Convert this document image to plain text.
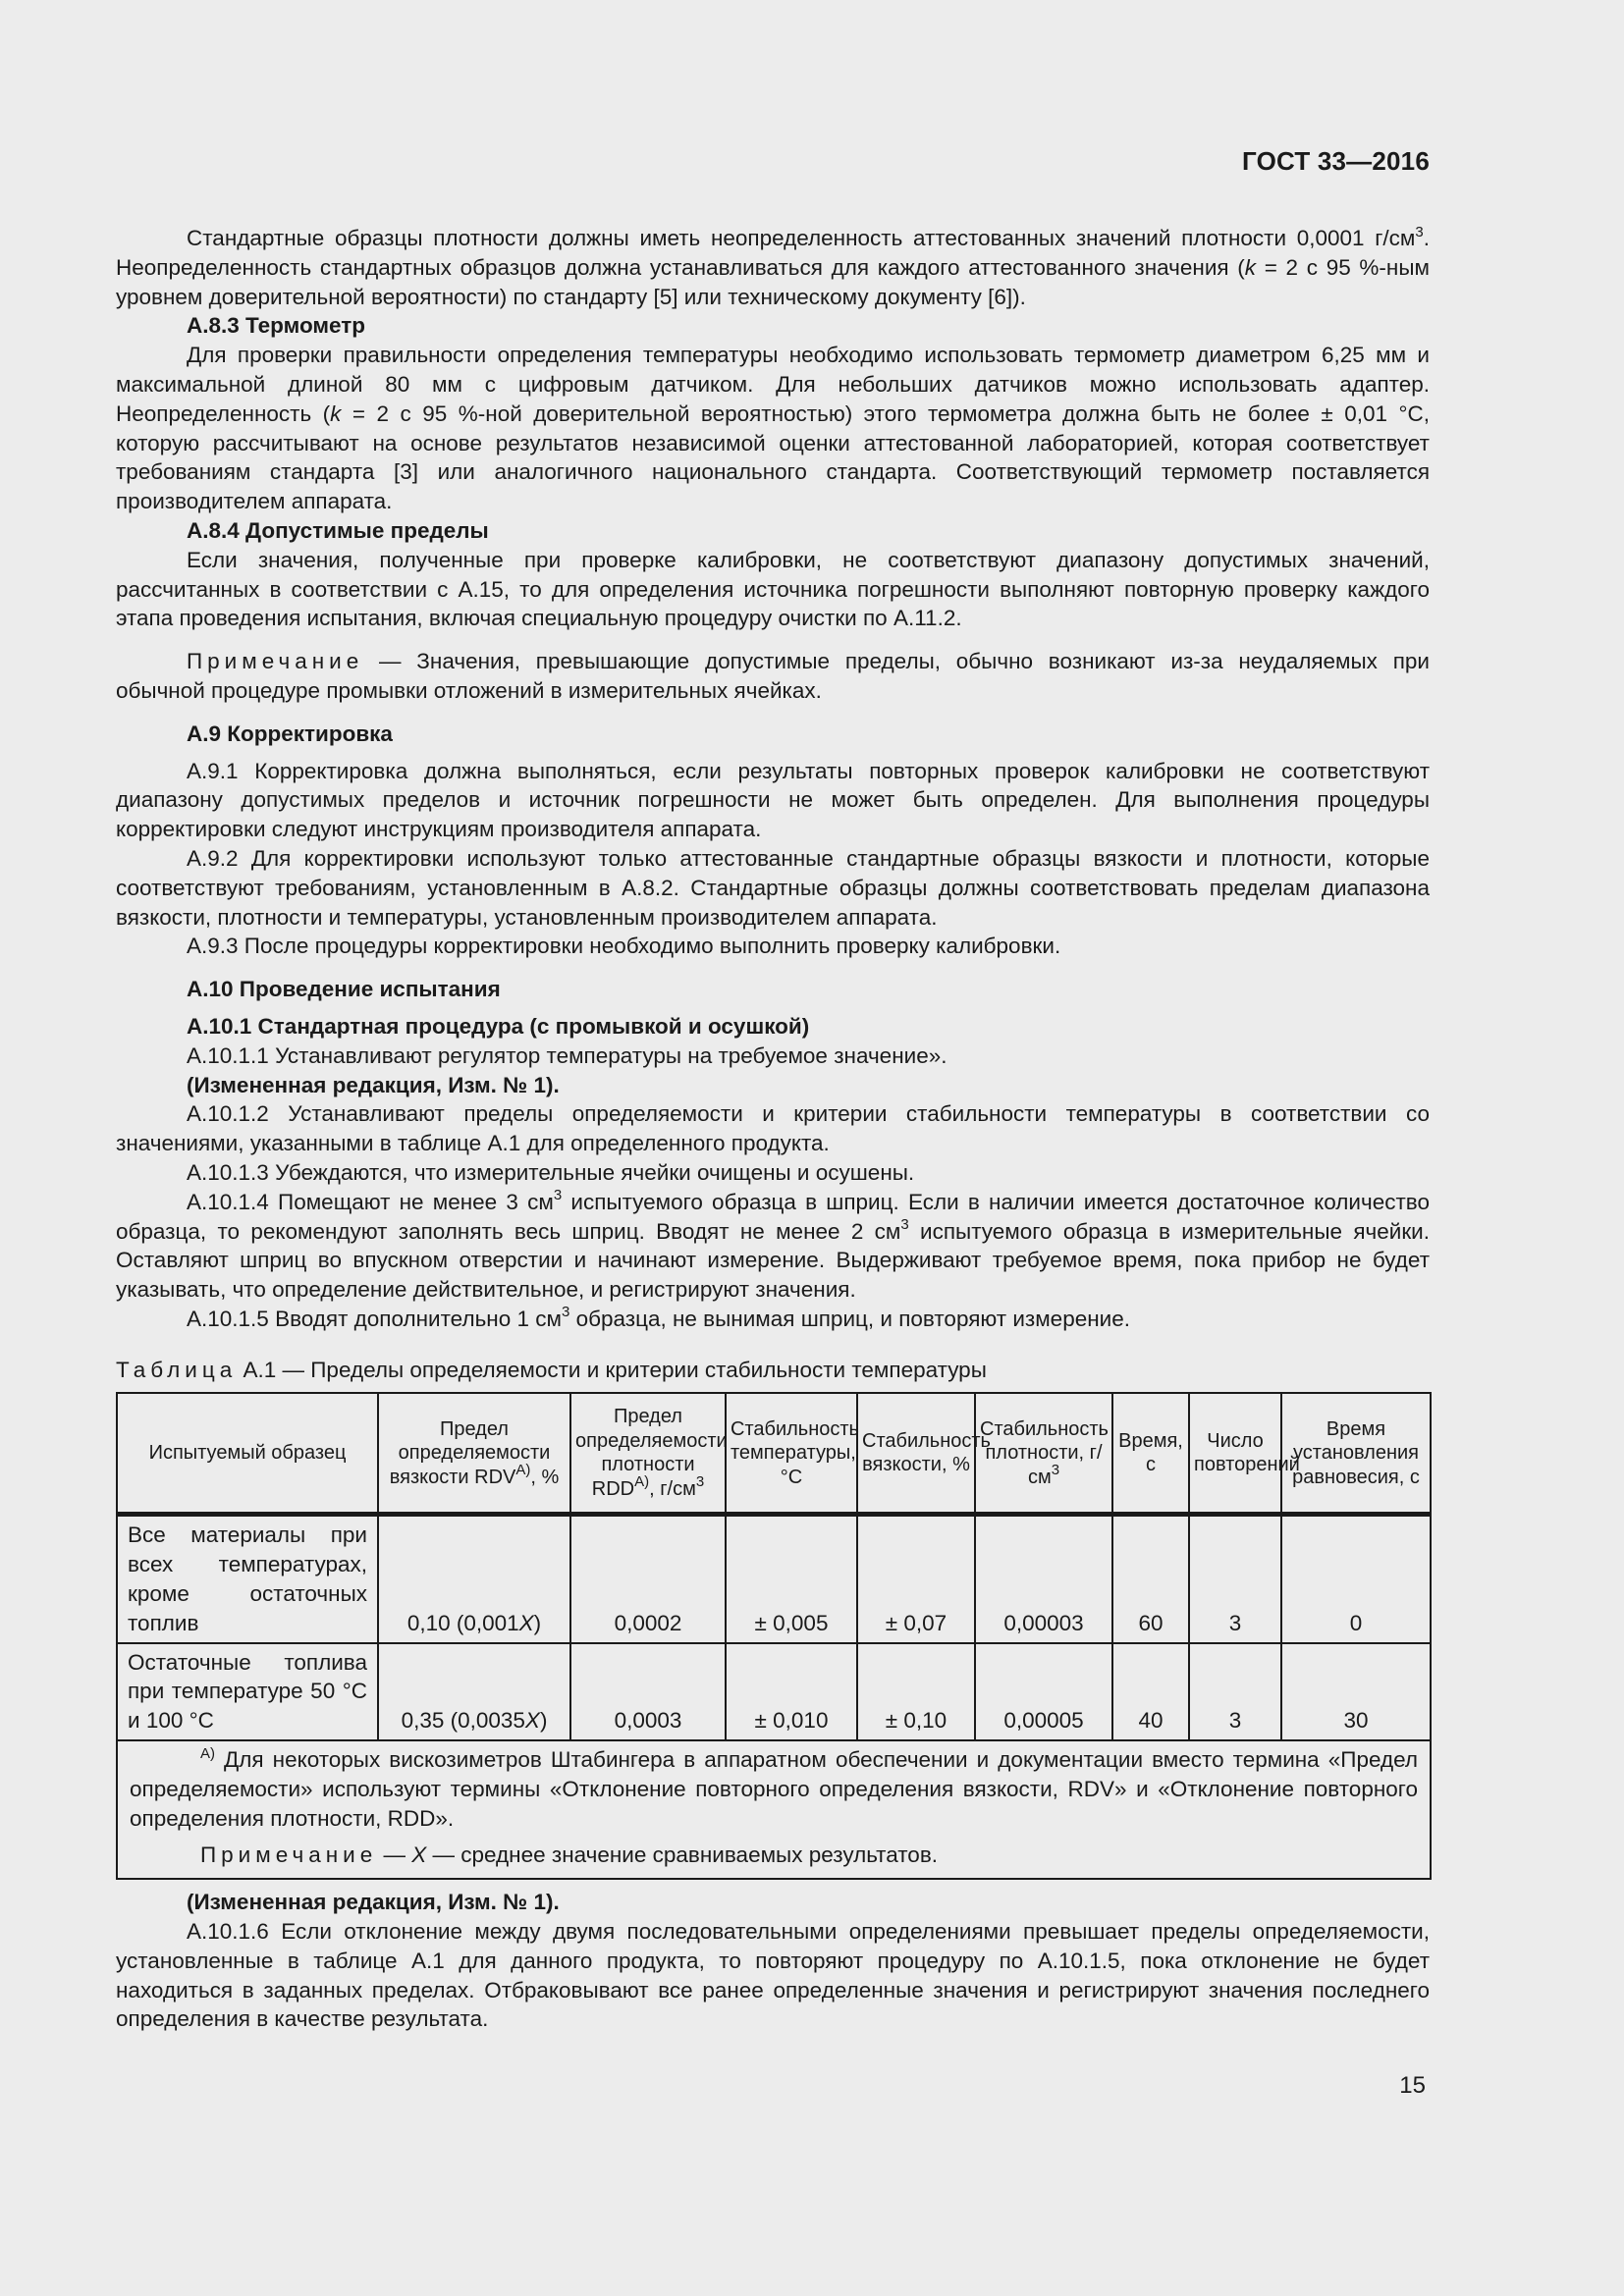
ГОСТ 33—2016

Стандартные образцы плотности должны иметь неопределенность аттестованных значений плотности 0,0001 $г/см^3$. Неопределенность стандартных образцов должна устанавливаться для каждого аттестованного значения (k = 2 с 95 %-ным уровнем доверительной вероятности) по стандарту [5] или техническому документу [6]).

А.8.3 Термометр

Для проверки правильности определения температуры необходимо использовать термометр диаметром 6,25 мм и максимальной длиной 80 мм с цифровым датчиком. Для небольших датчиков можно использовать адаптер. Неопределенность (k = 2 с 95 %-ной доверительной вероятностью) этого термометра должна быть не более ± 0,01 °С, которую рассчитывают на основе результатов независимой оценки аттестованной лабораторией, которая соответствует требованиям стандарта [3] или аналогичного национального стандарта. Соответствующий термометр поставляется производителем аппарата.

А.8.4 Допустимые пределы

Если значения, полученные при проверке калибровки, не соответствуют диапазону допустимых значений, рассчитанных в соответствии с А.15, то для определения источника погрешности выполняют повторную проверку каждого этапа проведения испытания, включая специальную процедуру очистки по А.11.2.

Примечание — Значения, превышающие допустимые пределы, обычно возникают из-за неудаляемых при обычной процедуре промывки отложений в измерительных ячейках.

А.9 Корректировка

А.9.1 Корректировка должна выполняться, если результаты повторных проверок калибровки не соответствуют диапазону допустимых пределов и источник погрешности не может быть определен. Для выполнения процедуры корректировки следуют инструкциям производителя аппарата.

А.9.2 Для корректировки используют только аттестованные стандартные образцы вязкости и плотности, которые соответствуют требованиям, установленным в А.8.2. Стандартные образцы должны соответствовать пределам диапазона вязкости, плотности и температуры, установленным производителем аппарата.

А.9.3 После процедуры корректировки необходимо выполнить проверку калибровки.

А.10 Проведение испытания

А.10.1 Стандартная процедура (с промывкой и осушкой)

А.10.1.1 Устанавливают регулятор температуры на требуемое значение».

(Измененная редакция, Изм. № 1).

А.10.1.2 Устанавливают пределы определяемости и критерии стабильности температуры в соответствии со значениями, указанными в таблице А.1 для определенного продукта.

А.10.1.3 Убеждаются, что измерительные ячейки очищены и осушены.

А.10.1.4 Помещают не менее 3 $см^3$ испытуемого образца в шприц. Если в наличии имеется достаточное количество образца, то рекомендуют заполнять весь шприц. Вводят не менее 2 $см^3$ испытуемого образца в измерительные ячейки. Оставляют шприц во впускном отверстии и начинают измерение. Выдерживают требуемое время, пока прибор не будет указывать, что определение действительное, и регистрируют значения.

А.10.1.5 Вводят дополнительно 1 $см^3$ образца, не вынимая шприц, и повторяют измерение.

Таблица А.1 — Пределы определяемости и критерии стабильности температуры

Испытуемый образец	Предел определяемости вязкости $RDV^{A)}$, %	Предел определяемости плотности $RDD^{A)}$, $г/см^3$	Стабильность температуры, °С	Стабильность вязкости, %	Стабильность плотности, $г/см^3$	Время, с	Число повторений	Время установления равновесия, с
Все материалы при всех температурах, кроме остаточных топлив	0,10 (0,001X)	0,0002	± 0,005	± 0,07	0,00003	60	3	0
Остаточные топлива при температуре 50 °С и 100 °С	0,35 (0,0035X)	0,0003	± 0,010	± 0,10	0,00005	40	3	30

$^{A)}$ Для некоторых вискозиметров Штабингера в аппаратном обеспечении и документации вместо термина «Предел определяемости» используют термины «Отклонение повторного определения вязкости, RDV» и «Отклонение повторного определения плотности, RDD».

Примечание — X — среднее значение сравниваемых результатов.								

(Измененная редакция, Изм. № 1).

А.10.1.6 Если отклонение между двумя последовательными определениями превышает пределы определяемости, установленные в таблице А.1 для данного продукта, то повторяют процедуру по А.10.1.5, пока отклонение не будет находиться в заданных пределах. Отбраковывают все ранее определенные значения и регистрируют значения последнего определения в качестве результата.

15
